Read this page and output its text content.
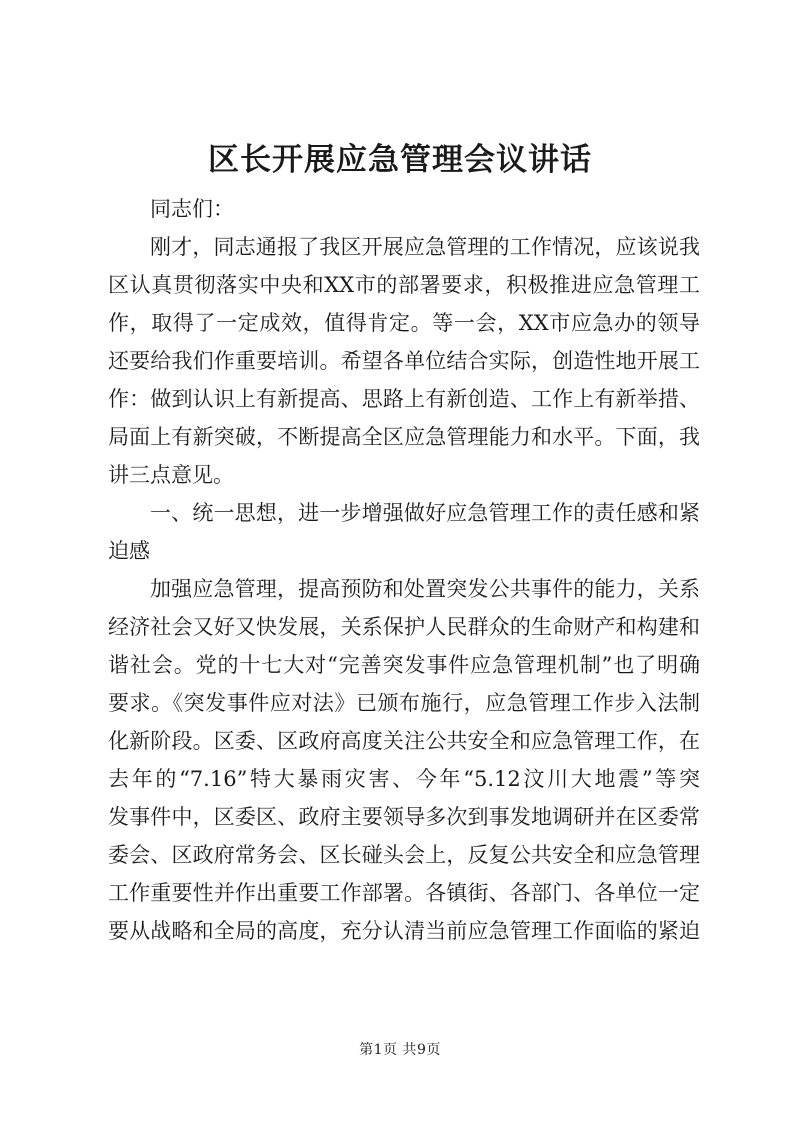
区长开展应急管理会议讲话
同志们：
刚才，同志通报了我区开展应急管理的工作情况，应该说我
区认真贯彻落实中央和XX市的部署要求，积极推进应急管理工
作，取得了一定成效，值得肯定。等一会，XX市应急办的领导
还要给我们作重要培训。希望各单位结合实际，创造性地开展工
作：做到认识上有新提高、思路上有新创造、工作上有新举措、
局面上有新突破，不断提高全区应急管理能力和水平。下面，我
讲三点意见。
一、统一思想，进一步增强做好应急管理工作的责任感和紧
迫感
加强应急管理，提高预防和处置突发公共事件的能力，关系
经济社会又好又快发展，关系保护人民群众的生命财产和构建和
谐社会。党的十七大对“完善突发事件应急管理机制”也了明确
要求。《突发事件应对法》已颁布施行，应急管理工作步入法制
化新阶段。区委、区政府高度关注公共安全和应急管理工作，在
去年的“7.16”特大暴雨灾害、今年“5.12汶川大地震”等突
发事件中，区委区、政府主要领导多次到事发地调研并在区委常
委会、区政府常务会、区长碰头会上，反复公共安全和应急管理
工作重要性并作出重要工作部署。各镇街、各部门、各单位一定
要从战略和全局的高度，充分认清当前应急管理工作面临的紧迫
第1页 共9页
